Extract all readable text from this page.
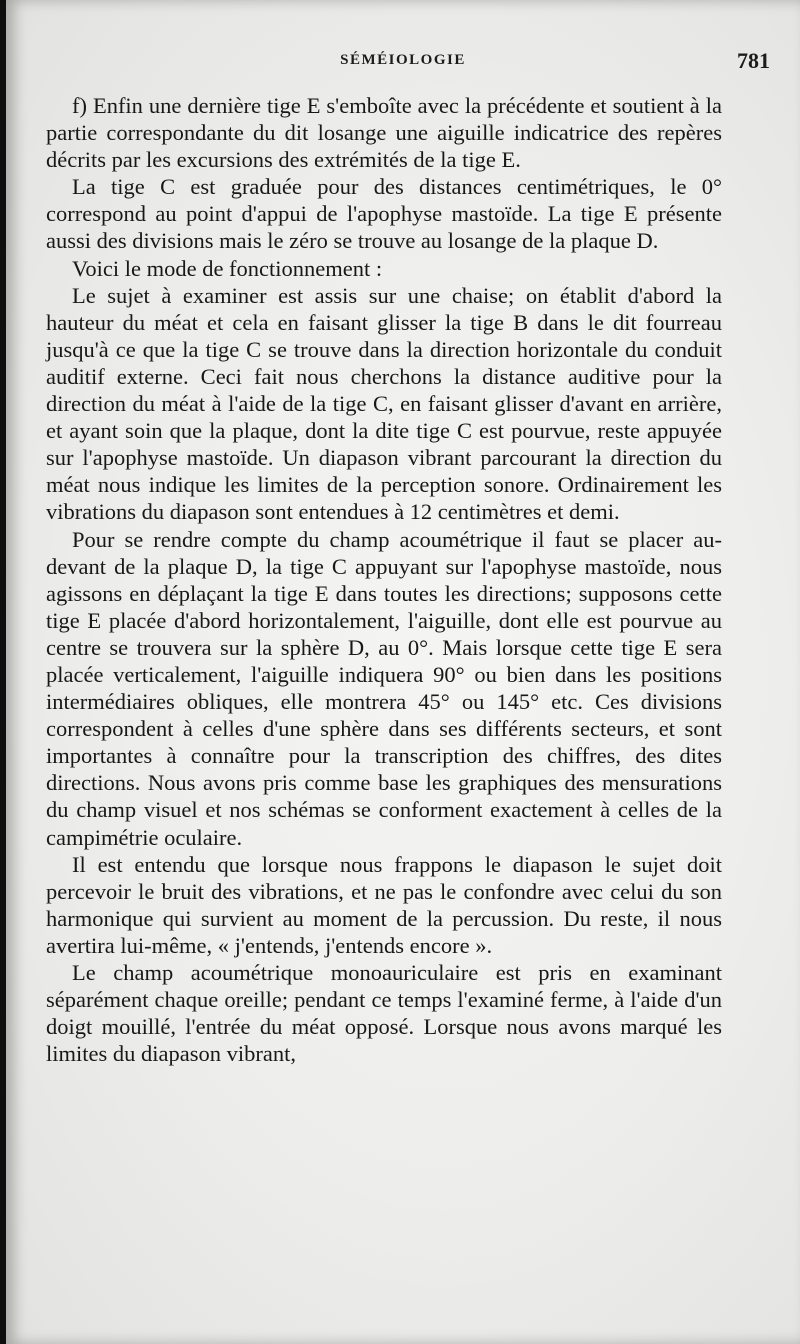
SÉMÉIOLOGIE	781

f) Enfin une dernière tige E s'emboîte avec la précédente et soutient à la partie correspondante du dit losange une aiguille indicatrice des repères décrits par les excursions des extrémités de la tige E.

La tige C est graduée pour des distances centimétriques, le 0° correspond au point d'appui de l'apophyse mastoïde. La tige E présente aussi des divisions mais le zéro se trouve au losange de la plaque D.

Voici le mode de fonctionnement :

Le sujet à examiner est assis sur une chaise; on établit d'abord la hauteur du méat et cela en faisant glisser la tige B dans le dit fourreau jusqu'à ce que la tige C se trouve dans la direction horizontale du conduit auditif externe. Ceci fait nous cherchons la distance auditive pour la direction du méat à l'aide de la tige C, en faisant glisser d'avant en arrière, et ayant soin que la plaque, dont la dite tige C est pourvue, reste appuyée sur l'apophyse mastoïde. Un diapason vibrant parcourant la direction du méat nous indique les limites de la perception sonore. Ordinairement les vibrations du diapason sont entendues à 12 centimètres et demi.

Pour se rendre compte du champ acoumétrique il faut se placer au-devant de la plaque D, la tige C appuyant sur l'apophyse mastoïde, nous agissons en déplaçant la tige E dans toutes les directions; supposons cette tige E placée d'abord horizontalement, l'aiguille, dont elle est pourvue au centre se trouvera sur la sphère D, au 0°. Mais lorsque cette tige E sera placée verticalement, l'aiguille indiquera 90° ou bien dans les positions intermédiaires obliques, elle montrera 45° ou 145° etc. Ces divisions correspondent à celles d'une sphère dans ses différents secteurs, et sont importantes à connaître pour la transcription des chiffres, des dites directions. Nous avons pris comme base les graphiques des mensurations du champ visuel et nos schémas se conforment exactement à celles de la campimétrie oculaire.

Il est entendu que lorsque nous frappons le diapason le sujet doit percevoir le bruit des vibrations, et ne pas le confondre avec celui du son harmonique qui survient au moment de la percussion. Du reste, il nous avertira lui-même, « j'entends, j'entends encore ».

Le champ acoumétrique monoauriculaire est pris en examinant séparément chaque oreille; pendant ce temps l'examiné ferme, à l'aide d'un doigt mouillé, l'entrée du méat opposé. Lorsque nous avons marqué les limites du diapason vibrant,
